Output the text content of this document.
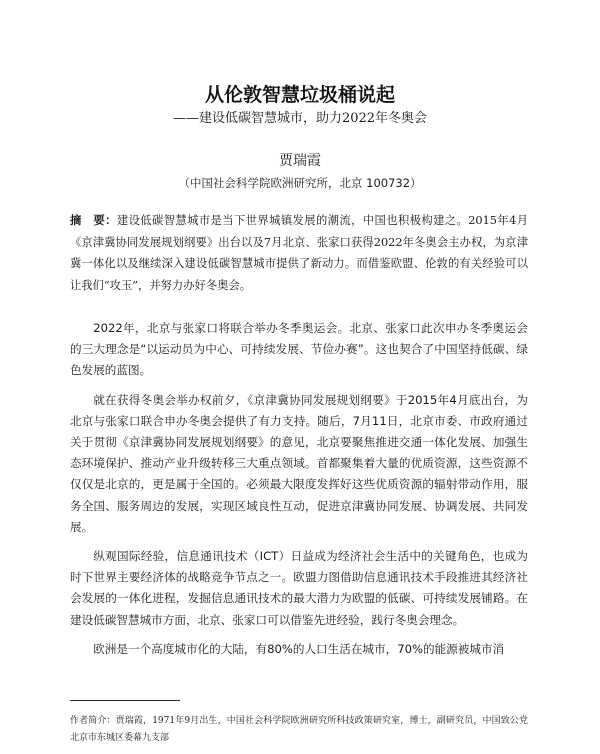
从伦敦智慧垃圾桶说起
——建设低碳智慧城市，助力2022年冬奥会
贾瑞霞
（中国社会科学院欧洲研究所，北京 100732）
摘　要：建设低碳智慧城市是当下世界城镇发展的潮流，中国也积极构建之。2015年4月《京津冀协同发展规划纲要》出台以及7月北京、张家口获得2022年冬奥会主办权，为京津冀一体化以及继续深入建设低碳智慧城市提供了新动力。而借鉴欧盟、伦敦的有关经验可以让我们“攻玉”，并努力办好冬奥会。

2022年，北京与张家口将联合举办冬季奥运会。北京、张家口此次申办冬季奥运会的三大理念是“以运动员为中心、可持续发展、节俭办赛”。这也契合了中国坚持低碳、绿色发展的蓝图。

就在获得冬奥会举办权前夕，《京津冀协同发展规划纲要》于2015年4月底出台，为北京与张家口联合申办冬奥会提供了有力支持。随后，7月11日，北京市委、市政府通过关于贯彻《京津冀协同发展规划纲要》的意见，北京要聚焦推进交通一体化发展、加强生态环境保护、推动产业升级转移三大重点领域。首都聚集着大量的优质资源，这些资源不仅仅是北京的，更是属于全国的。必须最大限度发挥好这些优质资源的辐射带动作用，服务全国、服务周边的发展，实现区域良性互动，促进京津冀协同发展、协调发展、共同发展。

纵观国际经验，信息通讯技术（ICT）日益成为经济社会生活中的关键角色，也成为时下世界主要经济体的战略竞争节点之一。欧盟力图借助信息通讯技术手段推进其经济社会发展的一体化进程，发掘信息通讯技术的最大潜力为欧盟的低碳、可持续发展铺路。在建设低碳智慧城市方面，北京、张家口可以借鉴先进经验，践行冬奥会理念。

欧洲是一个高度城市化的大陆，有80%的人口生活在城市，70%的能源被城市消

作者简介：贾瑞霞，1971年9月出生，中国社会科学院欧洲研究所科技政策研究室，博士，副研究员，中国致公党北京市东城区委幕九支部
